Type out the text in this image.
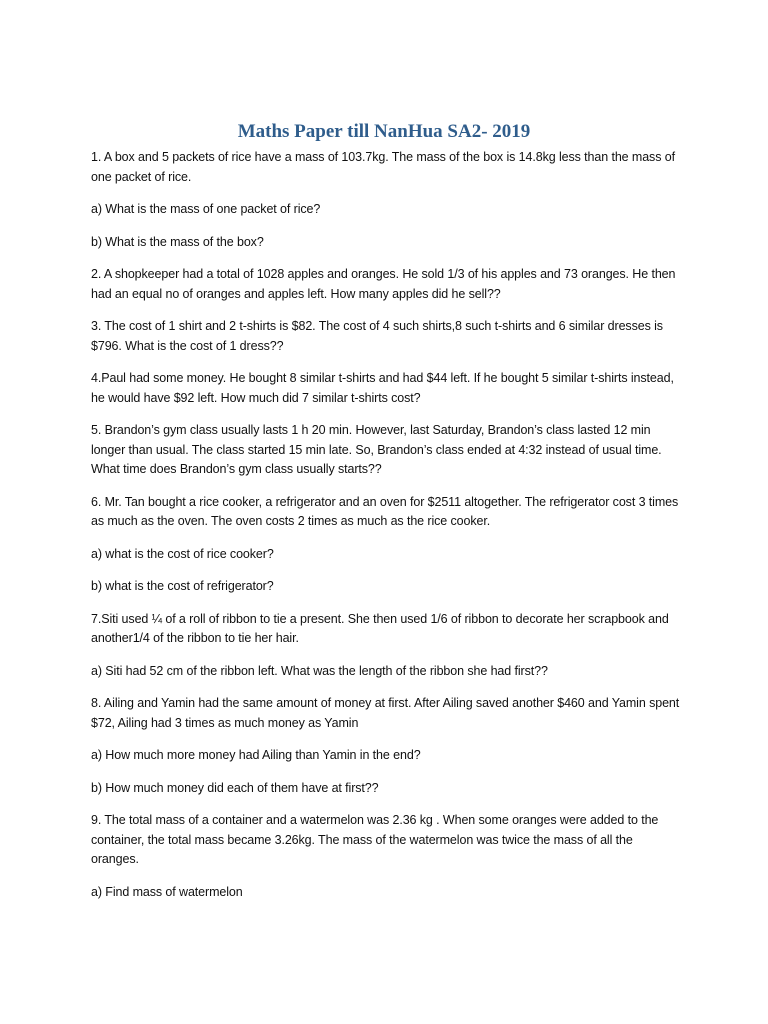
Maths Paper till NanHua SA2- 2019

1. A box and 5 packets of rice have a mass of 103.7kg. The mass of the box is 14.8kg less than the mass of one packet of rice.

a) What is the mass of one packet of rice?

b) What is the mass of the box?

2. A shopkeeper had a total of 1028 apples and oranges. He sold 1/3 of his apples and 73 oranges. He then had an equal no of oranges and apples left. How many apples did he sell??

3. The cost of 1 shirt and 2 t-shirts is $82. The cost of 4 such shirts,8 such t-shirts and 6 similar dresses is $796. What is the cost of 1 dress??

4.Paul had some money. He bought 8 similar t-shirts and had $44 left. If he bought 5 similar t-shirts instead, he would have $92 left. How much did 7 similar t-shirts cost?

5. Brandon’s gym class usually lasts 1 h 20 min. However, last Saturday, Brandon’s class lasted 12 min longer than usual. The class started 15 min late. So, Brandon’s class ended at 4:32 instead of usual time. What time does Brandon’s gym class usually starts??

6. Mr. Tan bought a rice cooker, a refrigerator and an oven for $2511 altogether. The refrigerator cost 3 times as much as the oven. The oven costs 2 times as much as the rice cooker.

a) what is the cost of rice cooker?

b) what is the cost of refrigerator?

7.Siti used ¼ of a roll of ribbon to tie a present. She then used 1/6 of ribbon to decorate her scrapbook and another1/4 of the ribbon to tie her hair.

a) Siti had 52 cm of the ribbon left. What was the length of the ribbon she had first??

8. Ailing and Yamin had the same amount of money at first. After Ailing saved another $460 and Yamin spent $72, Ailing had 3 times as much money as Yamin

a) How much more money had Ailing than Yamin in the end?

b) How much money did each of them have at first??

9. The total mass of a container and a watermelon was 2.36 kg . When some oranges were added to the container, the total mass became 3.26kg. The mass of the watermelon was twice the mass of all the oranges.

a) Find mass of watermelon
